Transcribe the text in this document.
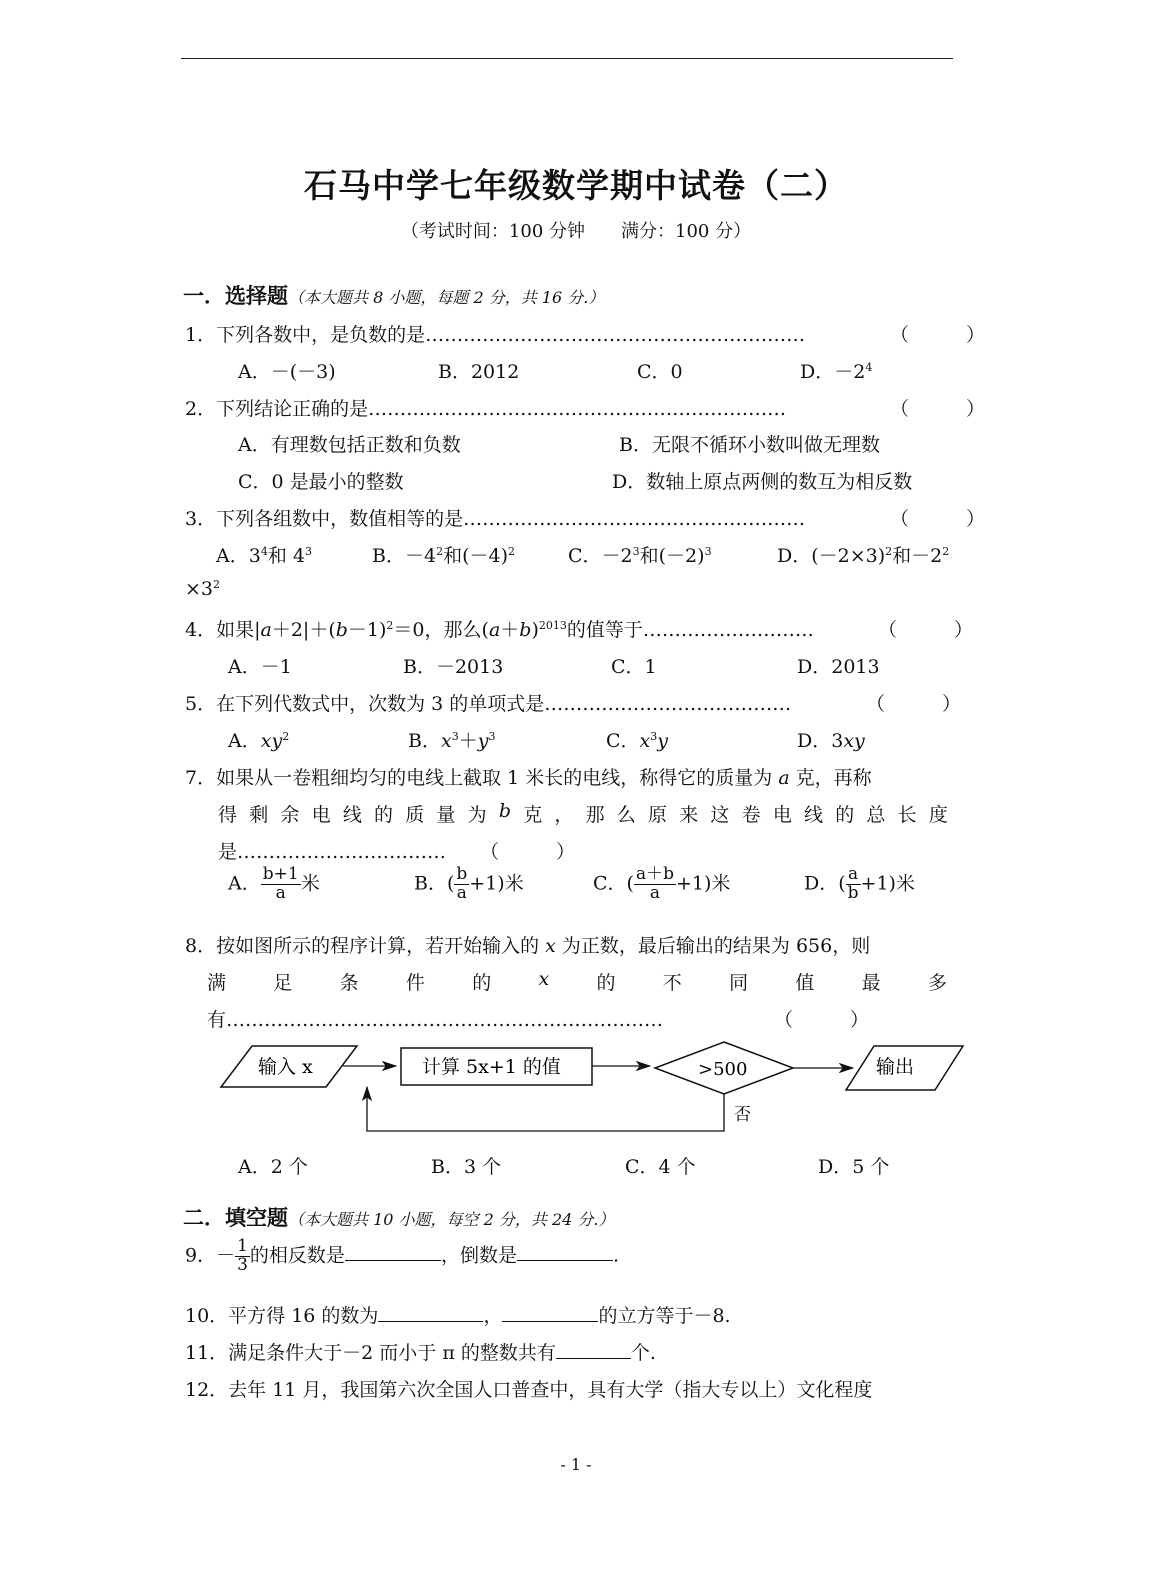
石马中学七年级数学期中试卷（二）
（考试时间：100 分钟　　满分：100 分）
一．选择题（本大题共 8 小题，每题 2 分，共 16 分.）
1．下列各数中，是负数的是……………………………………………………	（　　　）
A．－(－3)	B．2012	C．0	D．$-2^4$
2．下列结论正确的是…………………………………………………………	（　　　）
A．有理数包括正数和负数	B．无限不循环小数叫做无理数
C．0 是最小的整数	D．数轴上原点两侧的数互为相反数
3．下列各组数中，数值相等的是………………………………………………	（　　　）
A．$3^4$和 $4^3$	B．$-4^2$和$(-4)^2$	C．$-2^3$和$(-2)^3$	D．$(-2\times 3)^2$和$-2^2$
$\times 3^2$
4．如果$|a+2|+(b-1)^2=0$，那么$(a+b)^{2013}$的值等于………………………	（　　　）
A．－1	B．－2013	C．1	D．2013
5．在下列代数式中，次数为 3 的单项式是…………………………………	（　　　）
A．$xy^2$	B．$x^3+y^3$	C．$x^3y$	D．3xy
7．如果从一卷粗细均匀的电线上截取 1 米长的电线，称得它的质量为 a 克，再称
得 剩 余 电 线 的 质 量 为 b 克 ， 那 么 原 来 这 卷 电 线 的 总 长 度
是…………………………… （　　　）
A． $\frac{b+1}{a}$ 米	B．( $\frac{b}{a} +1$)米	C．( $\frac{a+b}{a} +1$)米	D．( $\frac{a}{b} +1$)米
8．按如图所示的程序计算，若开始输入的 x 为正数，最后输出的结果为 656，则
满 足 条 件 的 x 的 不 同 值 最 多
有……………………………………………………………	（　　　）
输入 x	计算 5x+1 的值	>500	输出
否
A．2 个	B．3 个	C．4 个	D．5 个
二．填空题（本大题共 10 小题，每空 2 分，共 24 分.）
9．－ $\frac{1}{3}$ 的相反数是	，倒数是	.
10．平方得 16 的数为	，	的立方等于－8.
11．满足条件大于－2 而小于 π 的整数共有	个.
12．去年 11 月，我国第六次全国人口普查中，具有大学（指大专以上）文化程度
- 1 -
